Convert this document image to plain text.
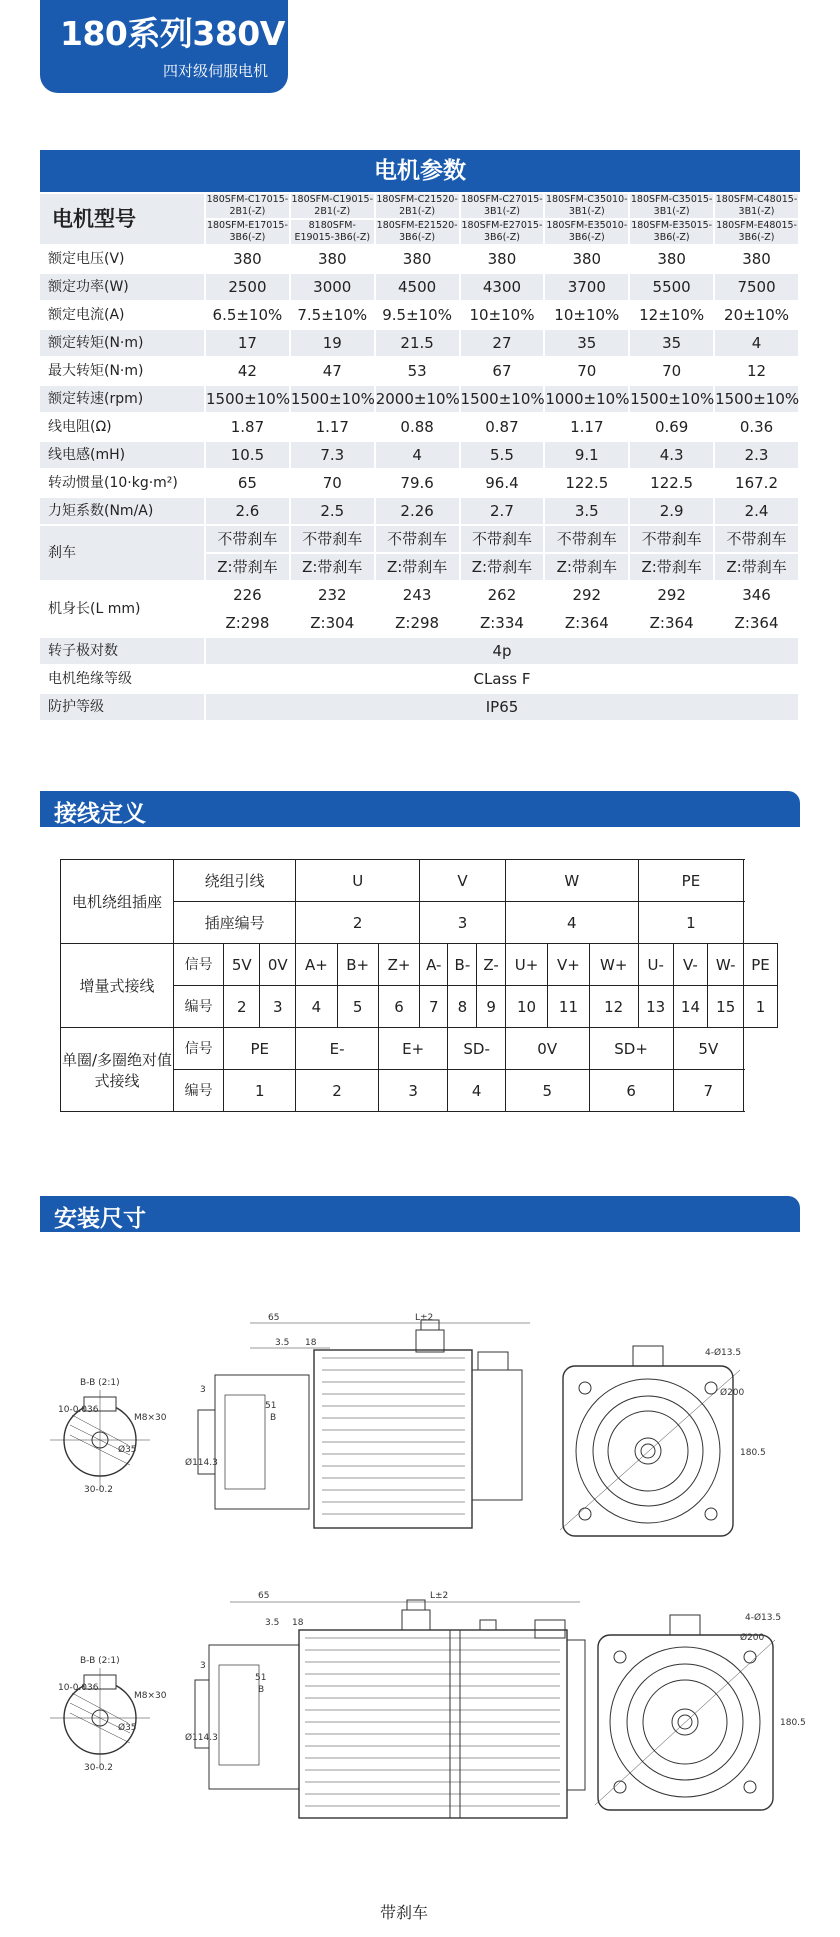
180系列380V
四对级伺服电机
电机参数
电机型号	180SFM-C17015-2B1(-Z)	180SFM-C19015-2B1(-Z)	180SFM-C21520-2B1(-Z)	180SFM-C27015-3B1(-Z)	180SFM-C35010-3B1(-Z)	180SFM-C35015-3B1(-Z)	180SFM-C48015-3B1(-Z)
	180SFM-E17015-3B6(-Z)	8180SFM-E19015-3B6(-Z)	180SFM-E21520-3B6(-Z)	180SFM-E27015-3B6(-Z)	180SFM-E35010-3B6(-Z)	180SFM-E35015-3B6(-Z)	180SFM-E48015-3B6(-Z)
额定电压(V)	380	380	380	380	380	380	380
额定功率(W)	2500	3000	4500	4300	3700	5500	7500
额定电流(A)	6.5±10%	7.5±10%	9.5±10%	10±10%	10±10%	12±10%	20±10%
额定转矩(N·m)	17	19	21.5	27	35	35	4
最大转矩(N·m)	42	47	53	67	70	70	12
额定转速(rpm)	1500±10%	1500±10%	2000±10%	1500±10%	1000±10%	1500±10%	1500±10%
线电阻(Ω)	1.87	1.17	0.88	0.87	1.17	0.69	0.36
线电感(mH)	10.5	7.3	4	5.5	9.1	4.3	2.3
转动惯量(10·kg·m²)	65	70	79.6	96.4	122.5	122.5	167.2
力矩系数(Nm/A)	2.6	2.5	2.26	2.7	3.5	2.9	2.4
刹车	不带刹车	不带刹车	不带刹车	不带刹车	不带刹车	不带刹车	不带刹车
	Z:带刹车	Z:带刹车	Z:带刹车	Z:带刹车	Z:带刹车	Z:带刹车	Z:带刹车
机身长(L mm)	226	232	243	262	292	292	346
	Z:298	Z:304	Z:298	Z:334	Z:364	Z:364	Z:364
转子极对数	4p						
电机绝缘等级	CLass F						
防护等级	IP65						
接线定义
电机绕组插座	绕组引线			U			V			W			PE			
	插座编号			2			3			4			1			
增量式接线	信号	5V	0V	A+	B+	Z+	A-	B-	Z-	U+	V+	W+	U-	V-	W-	PE
	编号	2	3	4	5	6	7	8	9	10	11	12	13	14	15	1
单圈/多圈绝对值式接线	信号	PE		E-		E+		SD-		0V		SD+		5V		
	编号	1		2		3		4		5		6		7		
安装尺寸
B-B (2:1)
M8×30
10-0.036
Ø35
30-0.2
65	L±2
3.5 18
3
51
B
Ø114.3
180.5
Ø200
4-Ø13.5
B-B (2:1)
M8×30
10-0.036
Ø35
30-0.2
65	L±2
3.5 18
3
51
B
Ø114.3
180.5
Ø200
4-Ø13.5
带刹车
